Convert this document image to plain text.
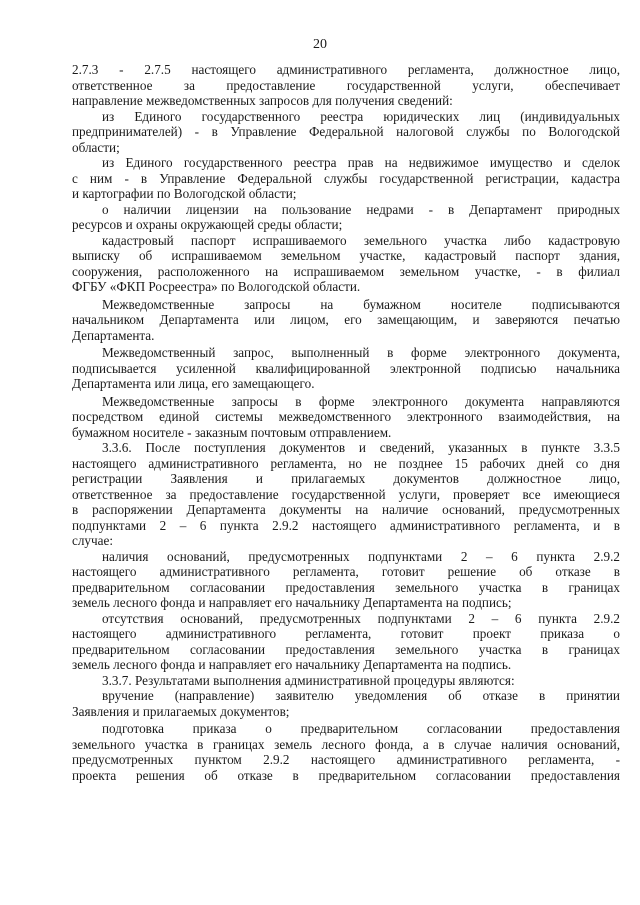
20
2.7.3 - 2.7.5 настоящего административного регламента, должностное лицо,
ответственное за предоставление государственной услуги, обеспечивает
направление межведомственных запросов для получения сведений:
из Единого государственного реестра юридических лиц (индивидуальных
предпринимателей) - в Управление Федеральной налоговой службы по Вологодской
области;
из Единого государственного реестра прав на недвижимое имущество и сделок
с ним - в Управление Федеральной службы государственной регистрации, кадастра
и картографии по Вологодской области;
о наличии лицензии на пользование недрами - в Департамент природных
ресурсов и охраны окружающей среды области;
кадастровый паспорт испрашиваемого земельного участка либо кадастровую
выписку об испрашиваемом земельном участке, кадастровый паспорт здания,
сооружения, расположенного на испрашиваемом земельном участке, - в филиал
ФГБУ «ФКП Росреестра» по Вологодской области.
Межведомственные запросы на бумажном носителе подписываются
начальником Департамента или лицом, его замещающим, и заверяются печатью
Департамента.
Межведомственный запрос, выполненный в форме электронного документа,
подписывается усиленной квалифицированной электронной подписью начальника
Департамента или лица, его замещающего.
Межведомственные запросы в форме электронного документа направляются
посредством единой системы межведомственного электронного взаимодействия, на
бумажном носителе - заказным почтовым отправлением.
3.3.6. После поступления документов и сведений, указанных в пункте 3.3.5
настоящего административного регламента, но не позднее 15 рабочих дней со дня
регистрации Заявления и прилагаемых документов должностное лицо,
ответственное за предоставление государственной услуги, проверяет все имеющиеся
в распоряжении Департамента документы на наличие оснований, предусмотренных
подпунктами 2 – 6 пункта 2.9.2 настоящего административного регламента, и в
случае:
наличия оснований, предусмотренных подпунктами 2 – 6 пункта 2.9.2
настоящего административного регламента, готовит решение об отказе в
предварительном согласовании предоставления земельного участка в границах
земель лесного фонда и направляет его начальнику Департамента на подпись;
отсутствия оснований, предусмотренных подпунктами 2 – 6 пункта 2.9.2
настоящего административного регламента, готовит проект приказа о
предварительном согласовании предоставления земельного участка в границах
земель лесного фонда и направляет его начальнику Департамента на подпись.
3.3.7. Результатами выполнения административной процедуры являются:
вручение (направление) заявителю уведомления об отказе в принятии
Заявления и прилагаемых документов;
подготовка приказа о предварительном согласовании предоставления
земельного участка в границах земель лесного фонда, а в случае наличия оснований,
предусмотренных пунктом 2.9.2 настоящего административного регламента, -
проекта решения об отказе в предварительном согласовании предоставления
